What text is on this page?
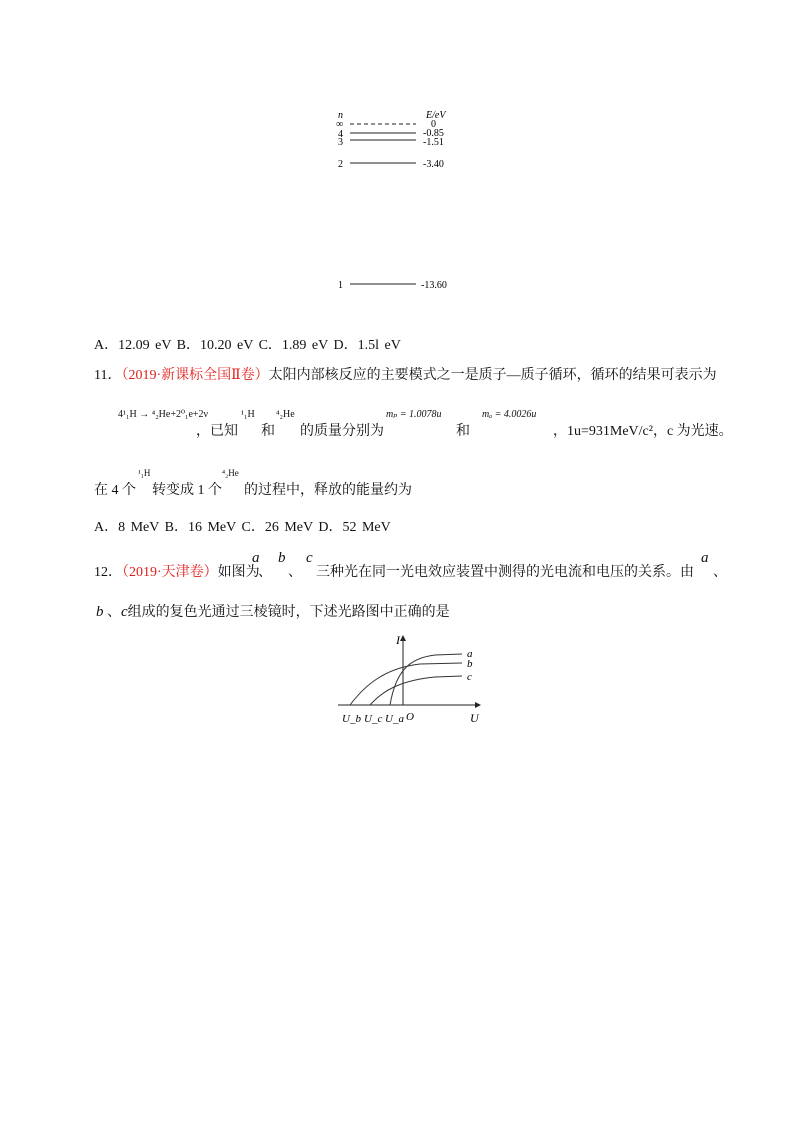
n	E/eV
∞	0
4	-0.85
3	-1.51
2	-3.40
1	-13.60
A．12.09 eV B．10.20 eV C．1.89 eV D．1.5l eV
11．（2019·新课标全国Ⅱ卷）太阳内部核反应的主要模式之一是质子—质子循环，循环的结果可表示为
4¹₁H → ⁴₂He+2⁰₁e+2ν
，已知
¹₁H
和
⁴₂He
的质量分别为
mₚ = 1.0078u
和
mₐ = 4.0026u
，1u=931MeV/c²，c 为光速。
在 4 个
¹₁H
转变成 1 个
⁴₂He
的过程中，释放的能量约为
A．8 MeV B．16 MeV C．26 MeV D．52 MeV
12．（2019·天津卷）如图为
a
、
b
、
c
三种光在同一光电效应装置中测得的光电流和电压的关系。由
a
、
b 、c组成的复色光通过三棱镜时，下述光路图中正确的是
I
U
a
b
c
U_b U_c U_a O
